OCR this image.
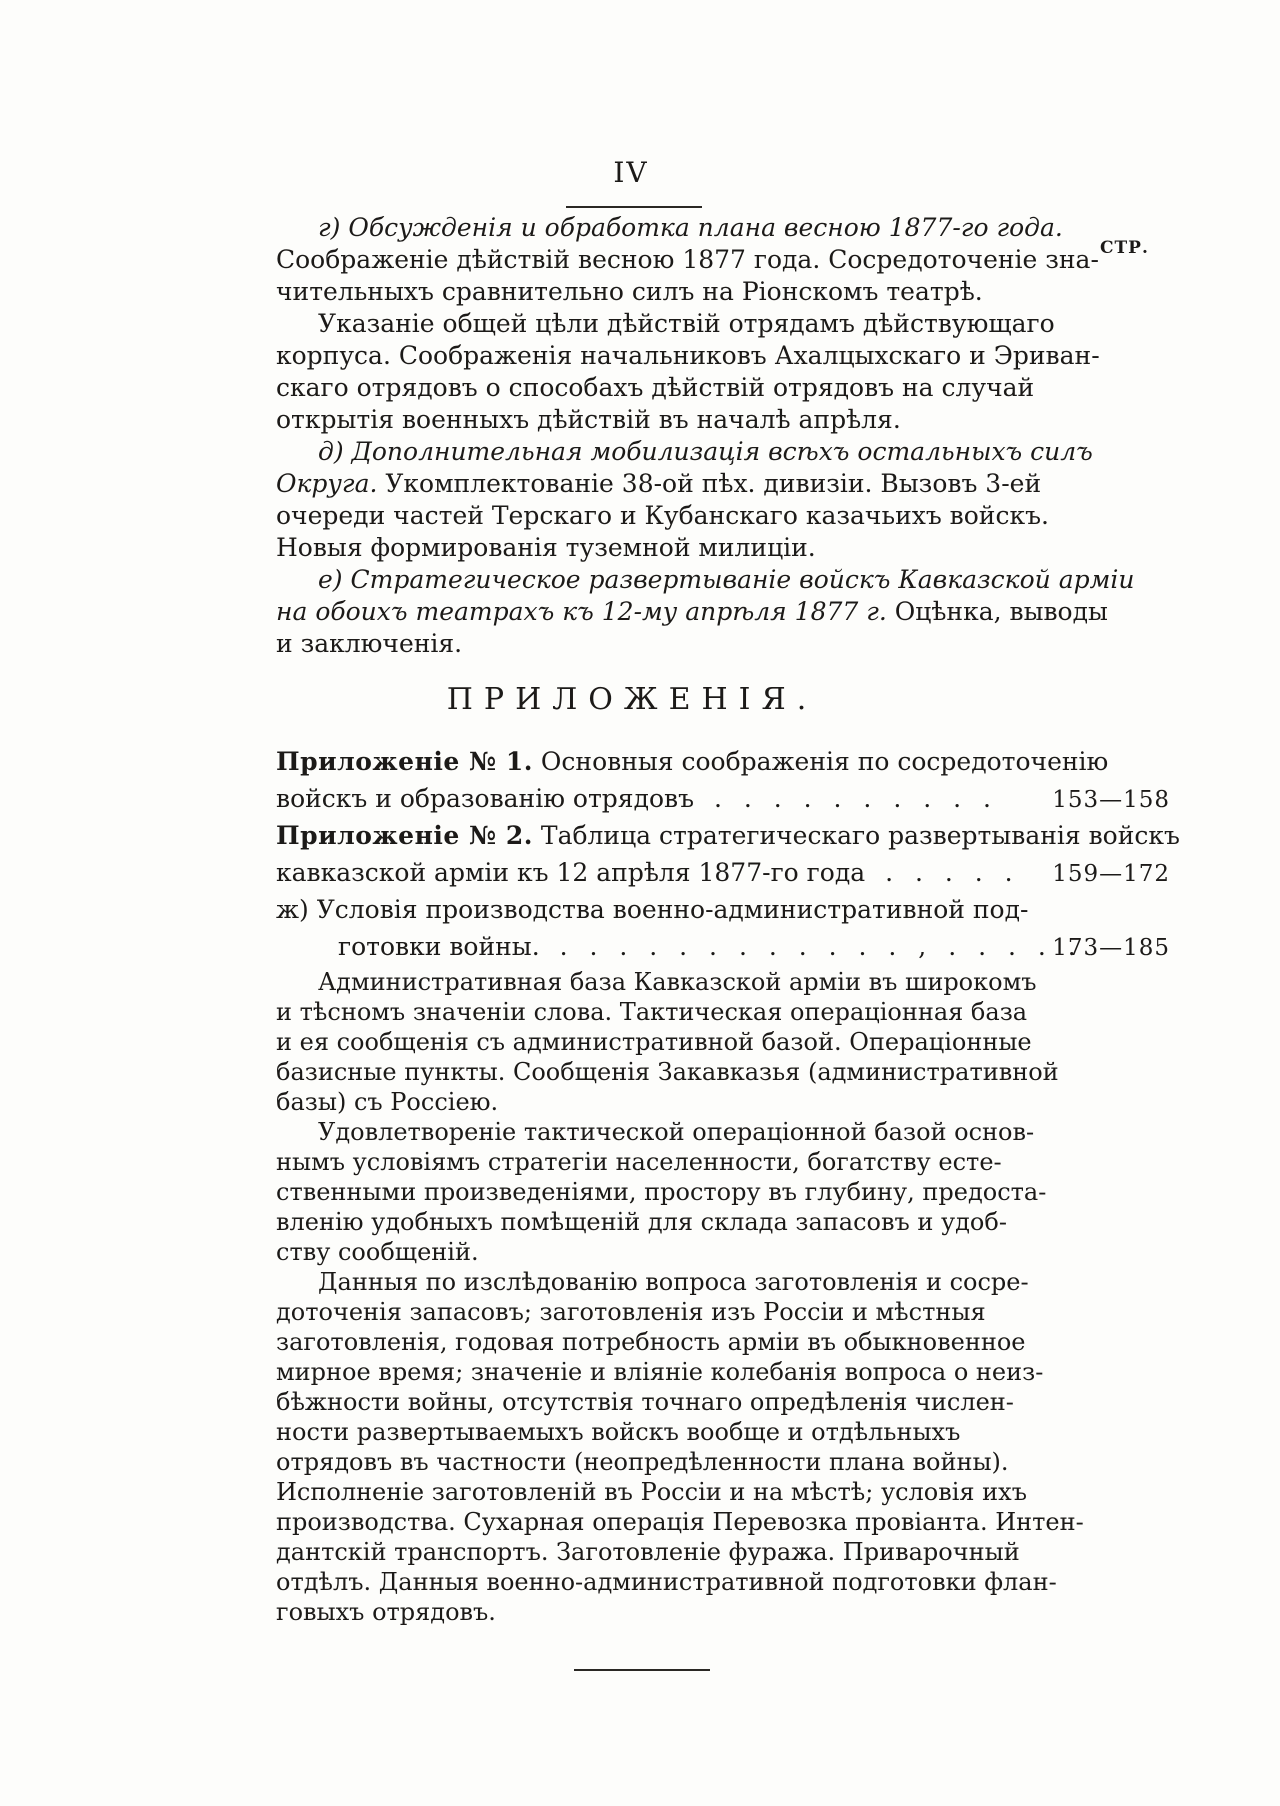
IV
СТР.
г) Обсужденія и обработка плана весною 1877-го года.
Соображеніе дѣйствій весною 1877 года. Сосредоточеніе зна-
чительныхъ сравнительно силъ на Ріонскомъ театрѣ.
Указаніе общей цѣли дѣйствій отрядамъ дѣйствующаго
корпуса. Соображенія начальниковъ Ахалцыхскаго и Эриван-
скаго отрядовъ о способахъ дѣйствій отрядовъ на случай
открытія военныхъ дѣйствій въ началѣ апрѣля.
д) Дополнительная мобилизація всѣхъ остальныхъ силъ
Округа. Укомплектованіе 38-ой пѣх. дивизіи. Вызовъ 3-ей
очереди частей Терскаго и Кубанскаго казачьихъ войскъ.
Новыя формированія туземной милиціи.
е) Стратегическое развертываніе войскъ Кавказской арміи
на обоихъ театрахъ къ 12-му апрѣля 1877 г. Оцѣнка, выводы
и заключенія.
ПРИЛОЖЕНІЯ.
Приложеніе № 1. Основныя соображенія по сосредоточенію
войскъ и образованію отрядовъ . . . . . . . . . .	153—158
Приложеніе № 2. Таблица стратегическаго развертыванія войскъ
кавказской арміи къ 12 апрѣля 1877-го года . . . . . 159—172
ж) Условія производства военно-административной под-
готовки войны. . . . . . . . . . . . . , . . . . .
173—185
Административная база Кавказской арміи въ широкомъ
и тѣсномъ значеніи слова. Тактическая операціонная база
и ея сообщенія съ административной базой. Операціонные
базисные пункты. Сообщенія Закавказья (административной
базы) съ Россіею.
Удовлетвореніе тактической операціонной базой основ-
нымъ условіямъ стратегіи населенности, богатству есте-
ственными произведеніями, простору въ глубину, предоста-
вленію удобныхъ помѣщеній для склада запасовъ и удоб-
ству сообщеній.
Данныя по изслѣдованію вопроса заготовленія и сосре-
доточенія запасовъ; заготовленія изъ Россіи и мѣстныя
заготовленія, годовая потребность арміи въ обыкновенное
мирное время; значеніе и вліяніе колебанія вопроса о неиз-
бѣжности войны, отсутствія точнаго опредѣленія числен-
ности развертываемыхъ войскъ вообще и отдѣльныхъ
отрядовъ въ частности (неопредѣленности плана войны).
Исполненіе заготовленій въ Россіи и на мѣстѣ; условія ихъ
производства. Сухарная операція Перевозка провіанта. Интен-
дантскій транспортъ. Заготовленіе фуража. Приварочный
отдѣлъ. Данныя военно-административной подготовки флан-
говыхъ отрядовъ.
